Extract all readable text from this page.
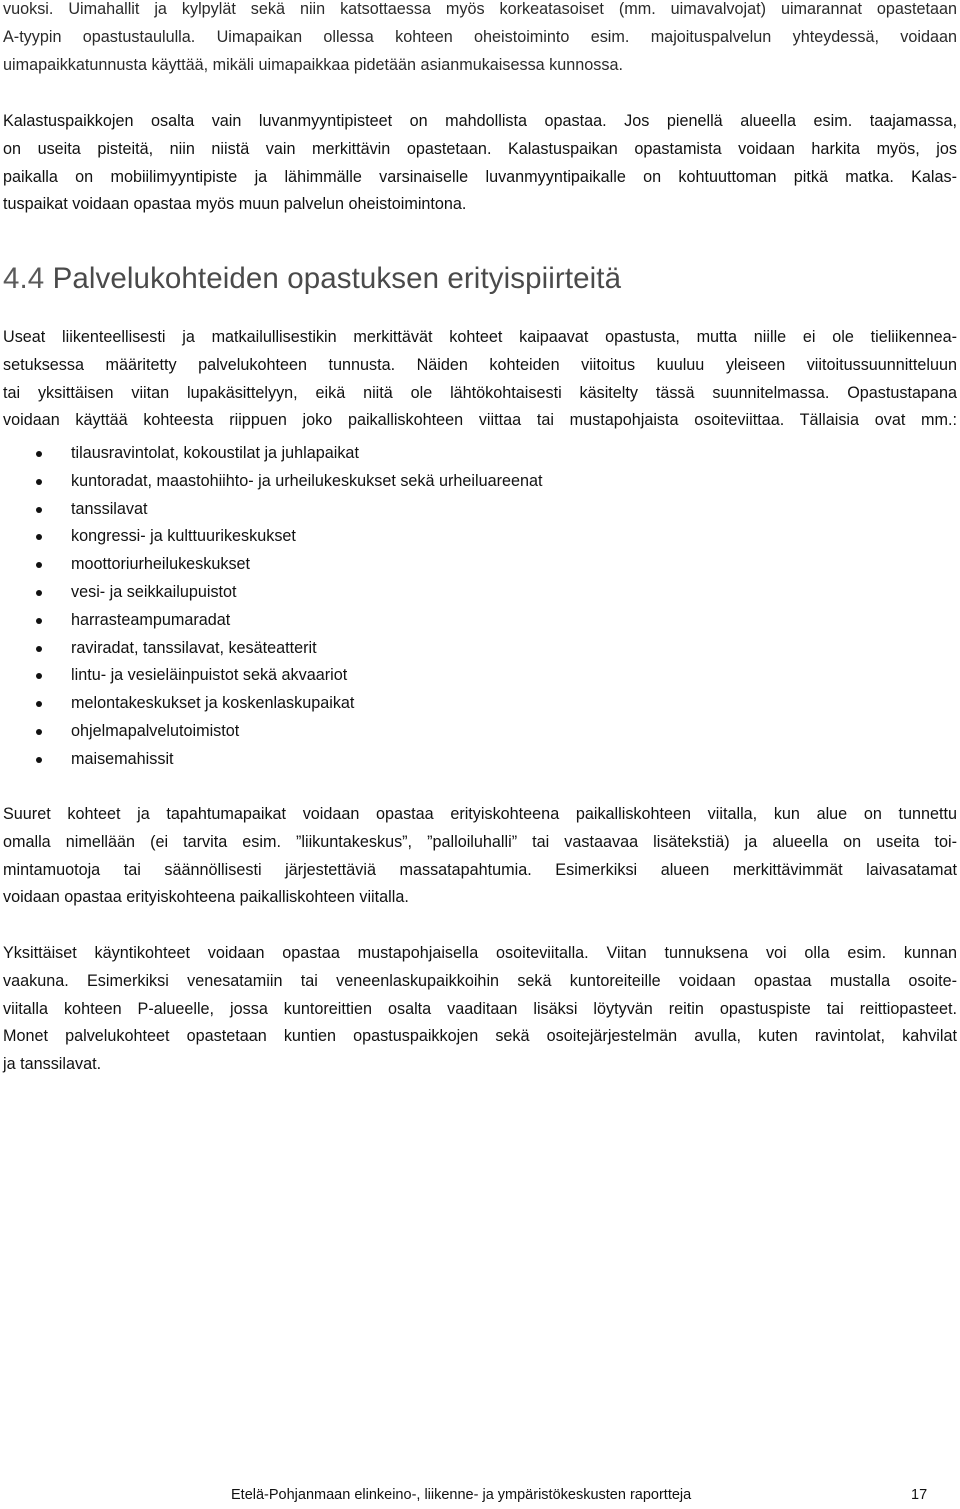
vuoksi. Uimahallit ja kylpylät sekä niin katsottaessa myös korkeatasoiset (mm. uimavalvojat) uimarannat opastetaan
A-tyypin opastustaululla. Uimapaikan ollessa kohteen oheistoiminto esim. majoituspalvelun yhteydessä, voidaan
uimapaikkatunnusta käyttää, mikäli uimapaikkaa pidetään asianmukaisessa kunnossa.
Kalastuspaikkojen osalta vain luvanmyyntipisteet on mahdollista opastaa. Jos pienellä alueella esim. taajamassa,
on useita pisteitä, niin niistä vain merkittävin opastetaan. Kalastuspaikan opastamista voidaan harkita myös, jos
paikalla on mobiilimyyntipiste ja lähimmälle varsinaiselle luvanmyyntipaikalle on kohtuuttoman pitkä matka. Kalas-
tuspaikat voidaan opastaa myös muun palvelun oheistoimintona.
Useat liikenteellisesti ja matkailullisestikin merkittävät kohteet kaipaavat opastusta, mutta niille ei ole tieliikennea-
setuksessa määritetty palvelukohteen tunnusta. Näiden kohteiden viitoitus kuuluu yleiseen viitoitussuunnitteluun
tai yksittäisen viitan lupakäsittelyyn, eikä niitä ole lähtökohtaisesti käsitelty tässä suunnitelmassa. Opastustapana
voidaan käyttää kohteesta riippuen joko paikalliskohteen viittaa tai mustapohjaista osoiteviittaa. Tällaisia ovat mm.:
tilausravintolat, kokoustilat ja juhlapaikat
kuntoradat, maastohiihto- ja urheilukeskukset sekä urheiluareenat
tanssilavat
kongressi- ja kulttuurikeskukset
moottoriurheilukeskukset
vesi- ja seikkailupuistot
harrasteampumaradat
raviradat, tanssilavat, kesäteatterit
lintu- ja vesieläinpuistot sekä akvaariot
melontakeskukset ja koskenlaskupaikat
ohjelmapalvelutoimistot
maisemahissit
Suuret kohteet ja tapahtumapaikat voidaan opastaa erityiskohteena paikalliskohteen viitalla, kun alue on tunnettu
omalla nimellään (ei tarvita esim. ”liikuntakeskus”, ”palloiluhalli” tai vastaavaa lisätekstiä) ja alueella on useita toi-
mintamuotoja tai säännöllisesti järjestettäviä massatapahtumia. Esimerkiksi alueen merkittävimmät laivasatamat
voidaan opastaa erityiskohteena paikalliskohteen viitalla.
Yksittäiset käyntikohteet voidaan opastaa mustapohjaisella osoiteviitalla. Viitan tunnuksena voi olla esim. kunnan
vaakuna. Esimerkiksi venesatamiin tai veneenlaskupaikkoihin sekä kuntoreiteille voidaan opastaa mustalla osoite-
viitalla kohteen P-alueelle, jossa kuntoreittien osalta vaaditaan lisäksi löytyvän reitin opastuspiste tai reittiopasteet.
Monet palvelukohteet opastetaan kuntien opastuspaikkojen sekä osoitejärjestelmän avulla, kuten ravintolat, kahvilat
ja tanssilavat.
4.4 Palvelukohteiden opastuksen erityispiirteitä
Etelä-Pohjanmaan elinkeino-, liikenne- ja ympäristökeskusten raportteja	17
